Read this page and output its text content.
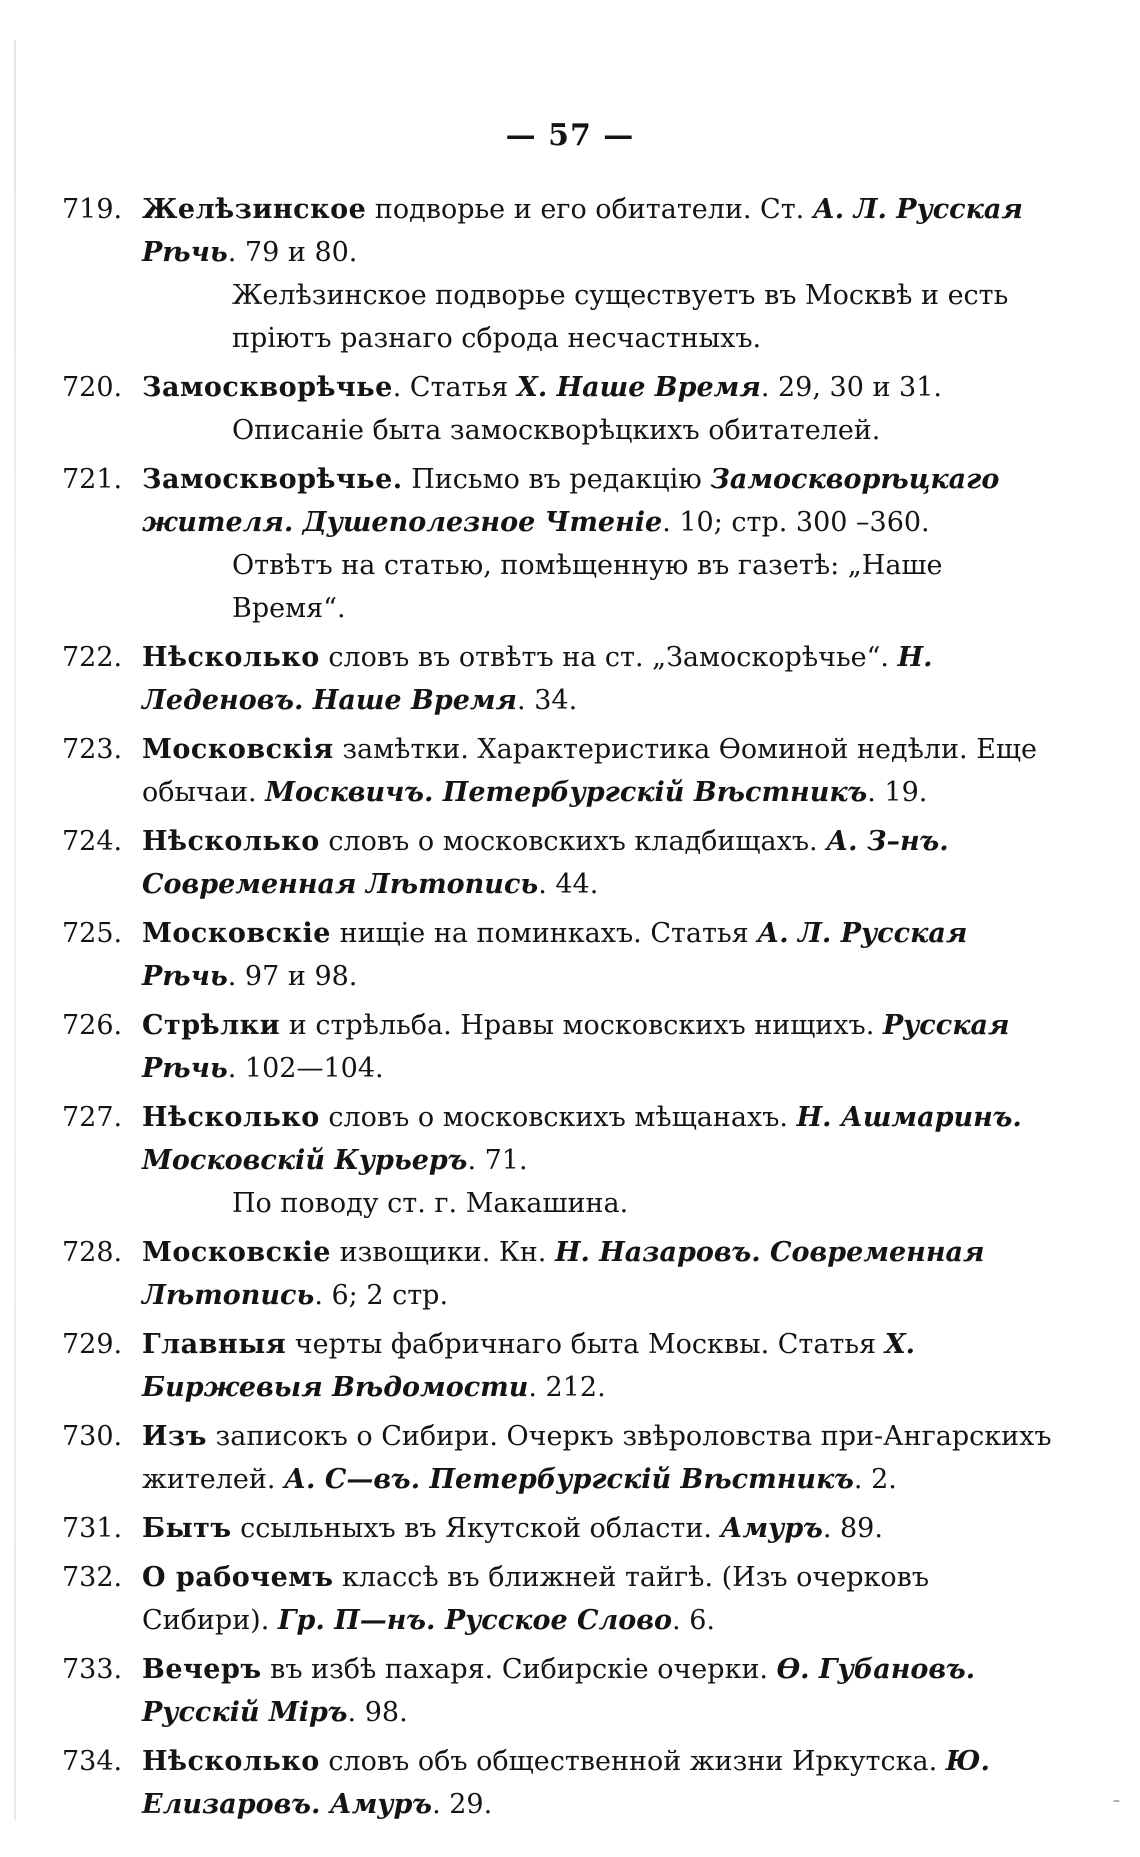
— 57 —
719. Желѣзинское подворье и его обитатели. Ст. А. Л. Русская Рѣчь. 79 и 80.
Желѣзинское подворье существуетъ въ Москвѣ и есть пріютъ разнаго сброда несчастныхъ.
720. Замоскворѣчье. Статья Х. Наше Время. 29, 30 и 31.
Описаніе быта замоскворѣцкихъ обитателей.
721. Замоскворѣчье. Письмо въ редакцію Замоскворѣцкаго жителя. Душеполезное Чтеніе. 10; стр. 300 –360.
Отвѣтъ на статью, помѣщенную въ газетѣ: „Наше Время“.
722. Нѣсколько словъ въ отвѣтъ на ст. „Замоскорѣчье“. Н. Леденовъ. Наше Время. 34.
723. Московскія замѣтки. Характеристика Ѳоминой недѣли. Еще обычаи. Москвичъ. Петербургскій Вѣстникъ. 19.
724. Нѣсколько словъ о московскихъ кладбищахъ. А. З–нъ. Современная Лѣтопись. 44.
725. Московскіе нищіе на поминкахъ. Статья А. Л. Русская Рѣчь. 97 и 98.
726. Стрѣлки и стрѣльба. Нравы московскихъ нищихъ. Русская Рѣчь. 102—104.
727. Нѣсколько словъ о московскихъ мѣщанахъ. Н. Ашмаринъ. Московскій Курьеръ. 71.
По поводу ст. г. Макашина.
728. Московскіе извощики. Кн. Н. Назаровъ. Современная Лѣтопись. 6; 2 стр.
729. Главныя черты фабричнаго быта Москвы. Статья Х. Биржевыя Вѣдомости. 212.
730. Изъ записокъ о Сибири. Очеркъ звѣроловства при-Ангарскихъ жителей. А. С—въ. Петербургскій Вѣстникъ. 2.
731. Бытъ ссыльныхъ въ Якутской области. Амуръ. 89.
732. О рабочемъ классѣ въ ближней тайгѣ. (Изъ очерковъ Сибири). Гр. П—нъ. Русское Слово. 6.
733. Вечеръ въ избѣ пахаря. Сибирскіе очерки. Ѳ. Губановъ. Русскій Міръ. 98.
734. Нѣсколько словъ объ общественной жизни Иркутска. Ю. Елизаровъ. Амуръ. 29.	–
